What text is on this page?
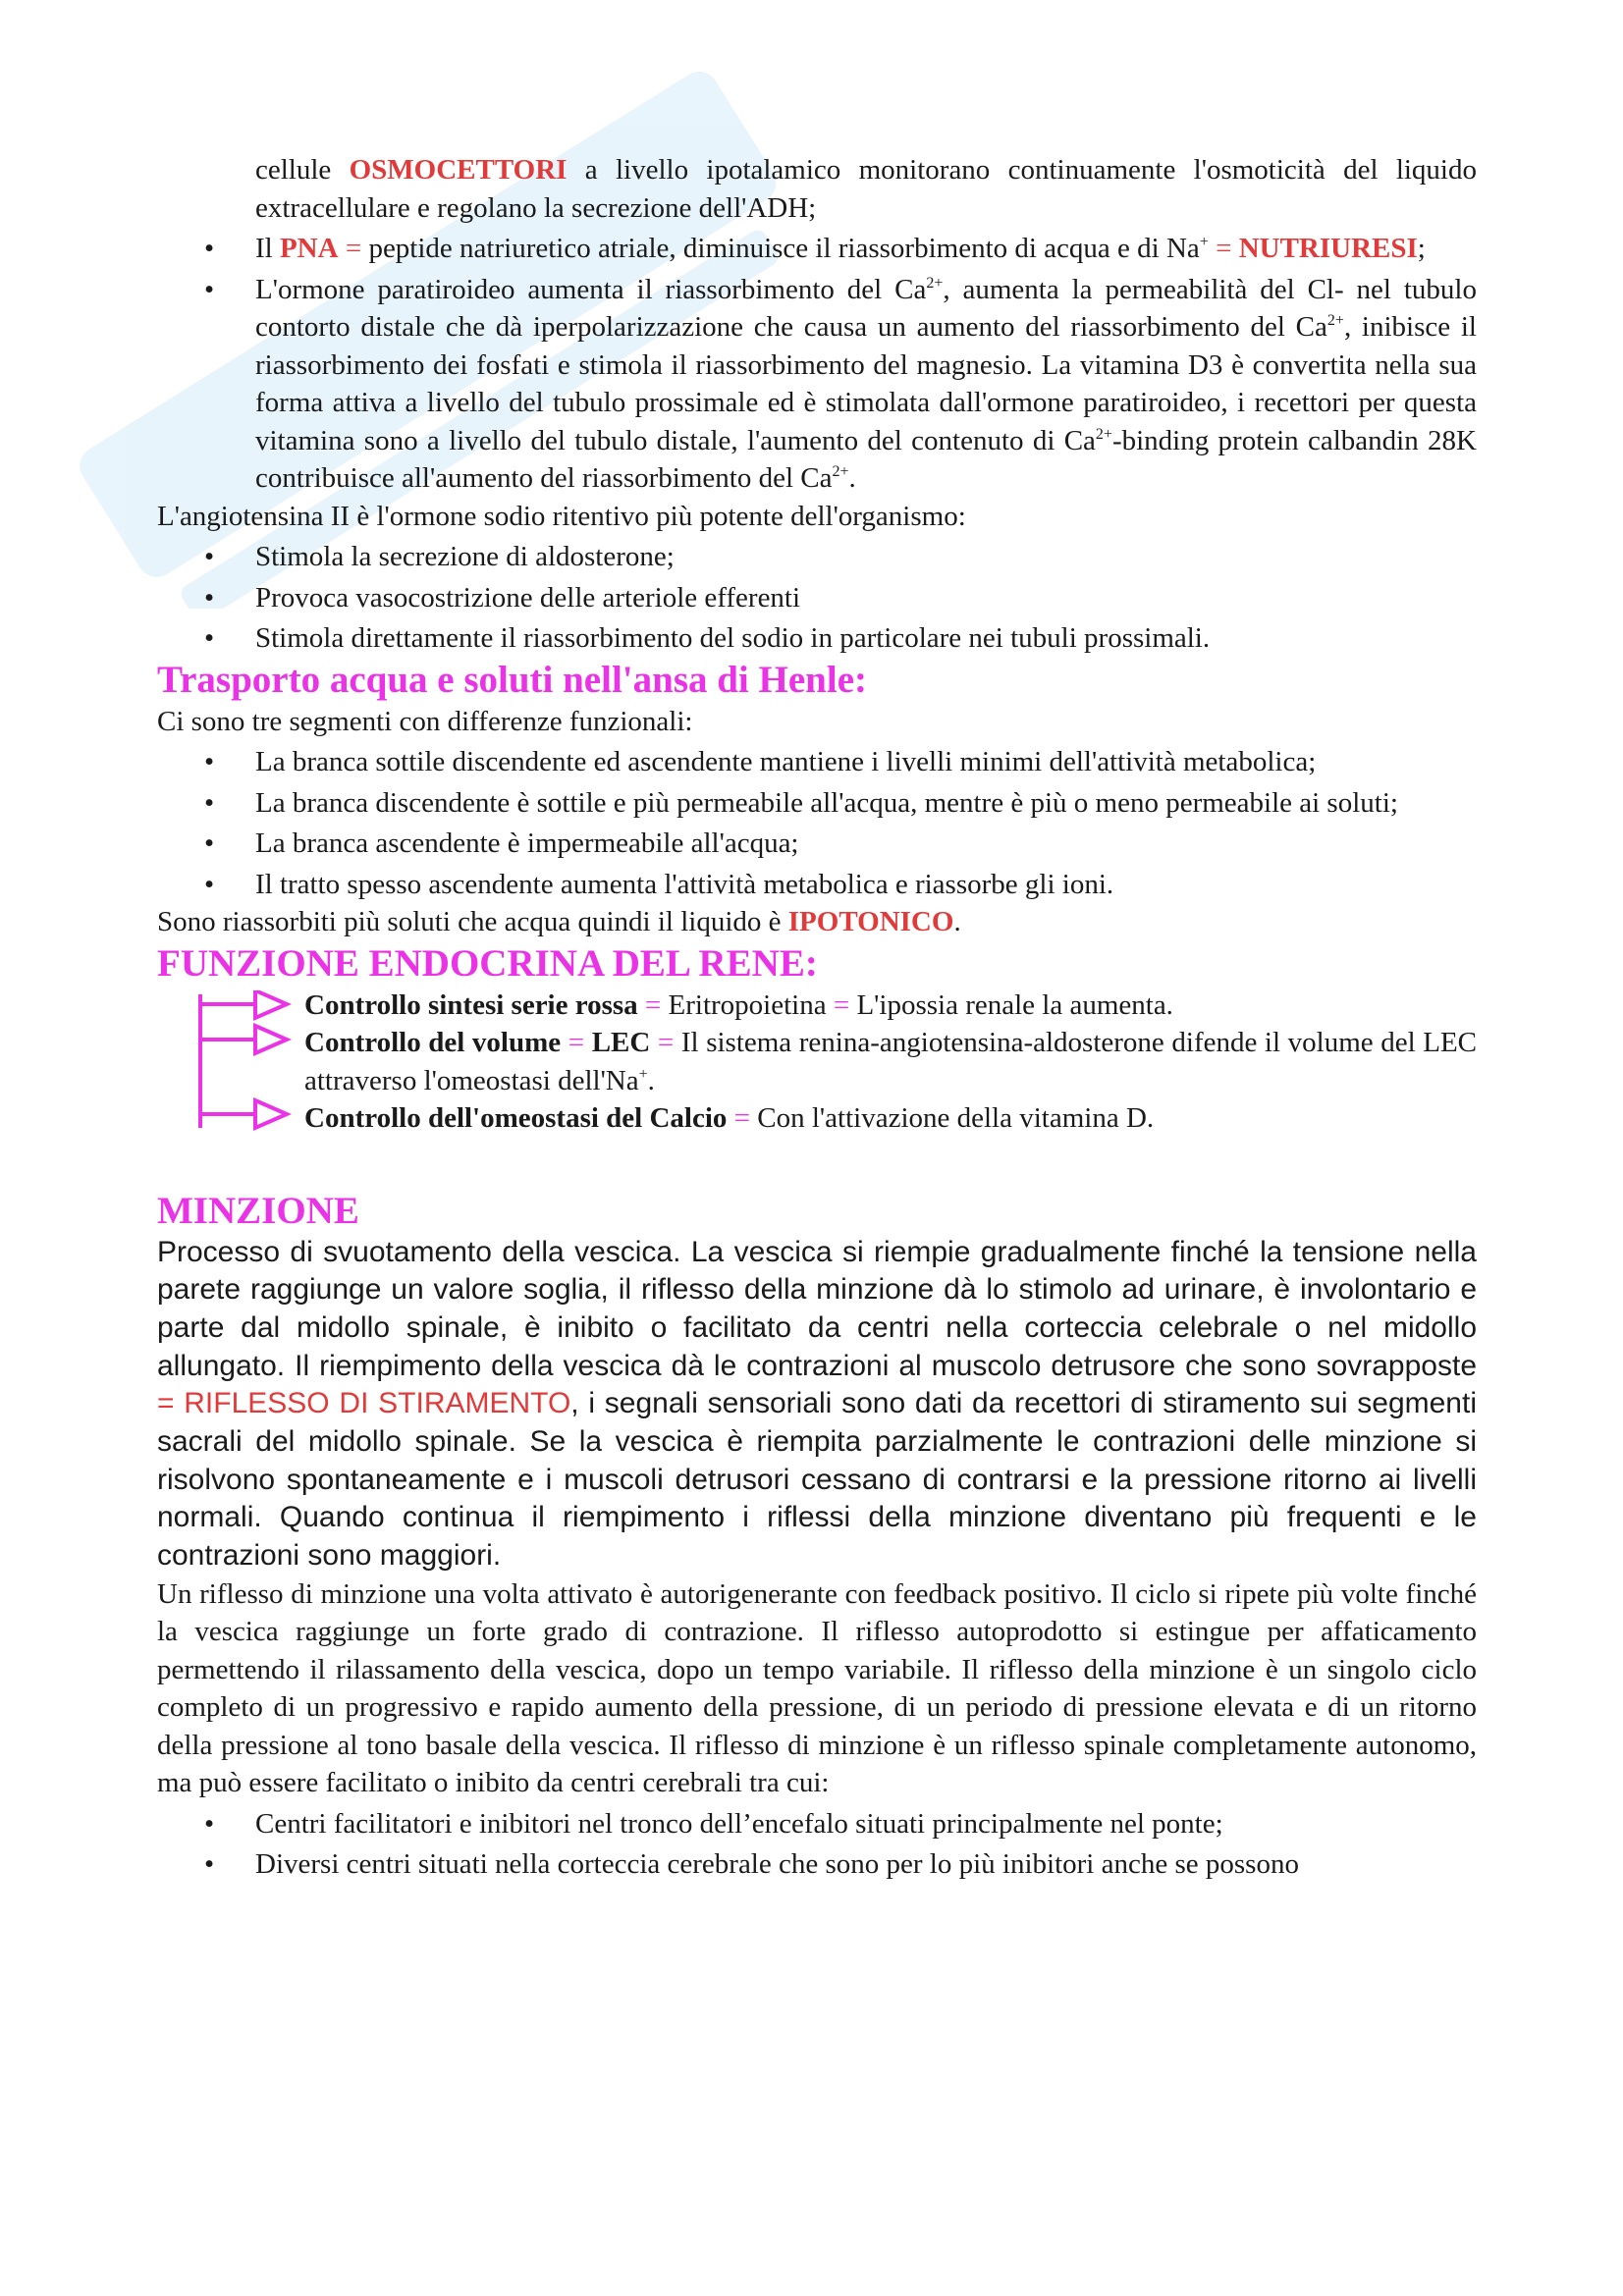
cellule OSMOCETTORI a livello ipotalamico monitorano continuamente l'osmoticità del liquido extracellulare e regolano la secrezione dell'ADH;

• Il PNA = peptide natriuretico atriale, diminuisce il riassorbimento di acqua e di Na+ = NUTRIURESI;
• L'ormone paratiroideo aumenta il riassorbimento del $Ca^{2+}$, aumenta la permeabilità del Cl- nel tubulo contorto distale che dà iperpolarizzazione che causa un aumento del riassorbimento del $Ca^{2+}$, inibisce il riassorbimento dei fosfati e stimola il riassorbimento del magnesio. La vitamina D3 è convertita nella sua forma attiva a livello del tubulo prossimale ed è stimolata dall'ormone paratiroideo, i recettori per questa vitamina sono a livello del tubulo distale, l'aumento del contenuto di $Ca^{2+}$-binding protein calbandin 28K contribuisce all'aumento del riassorbimento del $Ca^{2+}$.

L'angiotensina II è l'ormone sodio ritentivo più potente dell'organismo:

• Stimola la secrezione di aldosterone;
• Provoca vasocostrizione delle arteriole efferenti
• Stimola direttamente il riassorbimento del sodio in particolare nei tubuli prossimali.
Trasporto acqua e soluti nell'ansa di Henle:

Ci sono tre segmenti con differenze funzionali:

• La branca sottile discendente ed ascendente mantiene i livelli minimi dell'attività metabolica;
• La branca discendente è sottile e più permeabile all'acqua, mentre è più o meno permeabile ai soluti;
• La branca ascendente è impermeabile all'acqua;
• Il tratto spesso ascendente aumenta l'attività metabolica e riassorbe gli ioni.

Sono riassorbiti più soluti che acqua quindi il liquido è IPOTONICO.

FUNZIONE ENDOCRINA DEL RENE:
Controllo sintesi serie rossa = Eritropoietina = L'ipossia renale la aumenta.
Controllo del volume = LEC = Il sistema renina-angiotensina-aldosterone difende il volume del LEC attraverso l'omeostasi dell'Na+.
Controllo dell'omeostasi del Calcio = Con l'attivazione della vitamina D.
MINZIONE

Processo di svuotamento della vescica. La vescica si riempie gradualmente finché la tensione nella parete raggiunge un valore soglia, il riflesso della minzione dà lo stimolo ad urinare, è involontario e parte dal midollo spinale, è inibito o facilitato da centri nella corteccia celebrale o nel midollo allungato. Il riempimento della vescica dà le contrazioni al muscolo detrusore che sono sovrapposte = RIFLESSO DI STIRAMENTO, i segnali sensoriali sono dati da recettori di stiramento sui segmenti sacrali del midollo spinale. Se la vescica è riempita parzialmente le contrazioni delle minzione si risolvono spontaneamente e i muscoli detrusori cessano di contrarsi e la pressione ritorno ai livelli normali. Quando continua il riempimento i riflessi della minzione diventano più frequenti e le contrazioni sono maggiori.

Un riflesso di minzione una volta attivato è autorigenerante con feedback positivo. Il ciclo si ripete più volte finché la vescica raggiunge un forte grado di contrazione. Il riflesso autoprodotto si estingue per affaticamento permettendo il rilassamento della vescica, dopo un tempo variabile. Il riflesso della minzione è un singolo ciclo completo di un progressivo e rapido aumento della pressione, di un periodo di pressione elevata e di un ritorno della pressione al tono basale della vescica. Il riflesso di minzione è un riflesso spinale completamente autonomo, ma può essere facilitato o inibito da centri cerebrali tra cui:

• Centri facilitatori e inibitori nel tronco dell’encefalo situati principalmente nel ponte;
• Diversi centri situati nella corteccia cerebrale che sono per lo più inibitori anche se possono
